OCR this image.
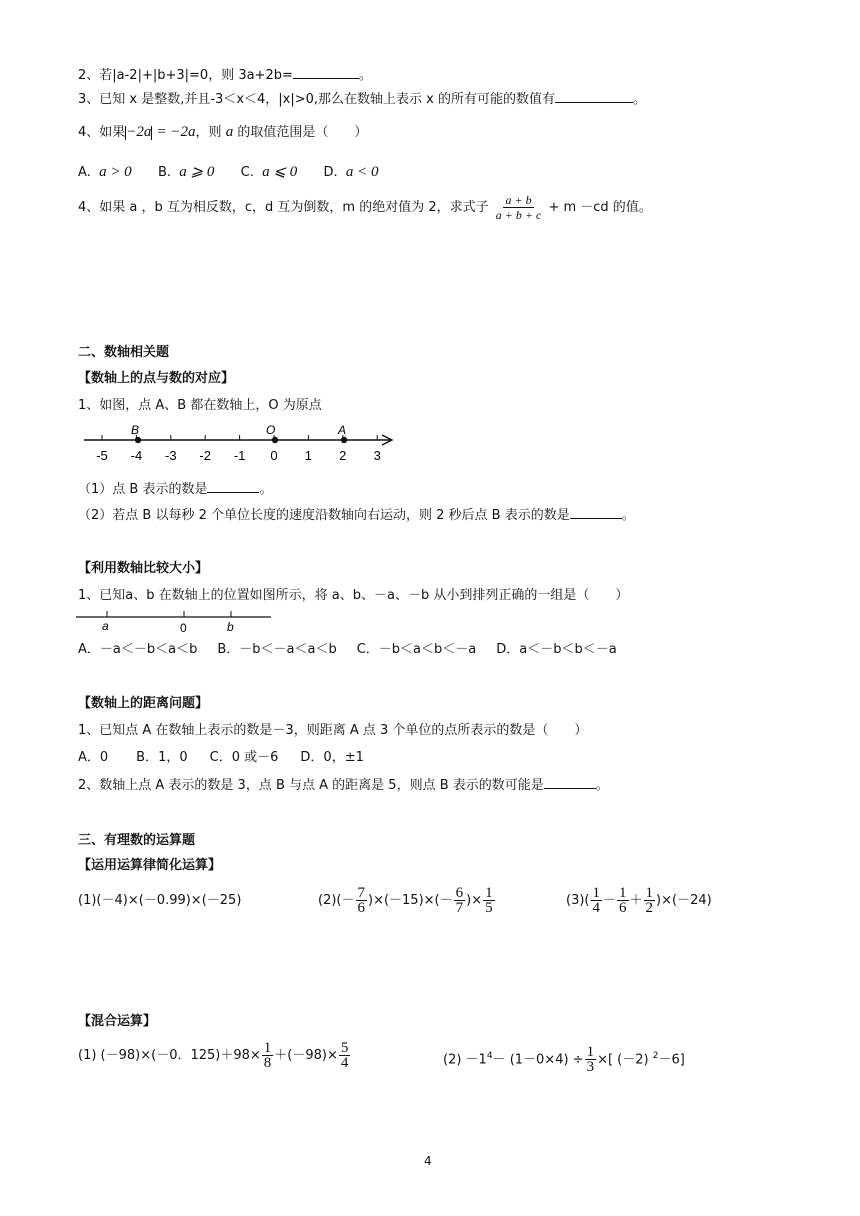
2、若|a-2|+|b+3|=0，则 3a+2b=	。
3、已知 x 是整数,并且-3＜x＜4，|x|>0,那么在数轴上表示 x 的所有可能的数值有	。
4、如果−2a = −2a，则 a 的取值范围是（　　）
A. a > 0 B. a ⩾ 0 C. a ⩽ 0 D. a < 0
4、如果 a ，b 互为相反数，c，d 互为倒数，m 的绝对值为 2，求式子 $\frac{a + b}{a + b + c} + m -cd$ 的值。
二、数轴相关题
【数轴上的点与数的对应】
1、如图，点 A、B 都在数轴上，O 为原点
-5 -4 -3 -2 -1 0 1 2 3
B	O	A
（1）点 B 表示的数是	。
（2）若点 B 以每秒 2 个单位长度的速度沿数轴向右运动，则 2 秒后点 B 表示的数是	。
【利用数轴比较大小】
1、已知a、b 在数轴上的位置如图所示，将 a、b、－a、－b 从小到排列正确的一组是（　　）
a	0	b
A．－a＜－b＜a＜b B．－b＜－a＜a＜b C．－b＜a＜b＜－a D．a＜－b＜b＜－a
【数轴上的距离问题】
1、已知点 A 在数轴上表示的数是－3，则距离 A 点 3 个单位的点所表示的数是（　　）
A．0 B．1，0 C．0 或－6 D．0，±1
2、数轴上点 A 表示的数是 3，点 B 与点 A 的距离是 5，则点 B 表示的数可能是	。
三、有理数的运算题
【运用运算律简化运算】
(1)(－4)×(－0.99)×(－25)	$(2)(- \frac{7}{6} )\times(-15)\times(- \frac{6}{7}$ )× $\frac{1}{5}$	$(3)( \frac{1}{4} - \frac{1}{6} + \frac{1}{2} )\times(-24)$
【混合运算】
(1) (－98)×(－0．$125)+98\times \frac{1}{8} +(-98)\times \frac{5}{4}$	$(2) -1^4- (1-0\times 4) \div \frac{1}{3}$ ×[ (－2) $^2$－6]
4
